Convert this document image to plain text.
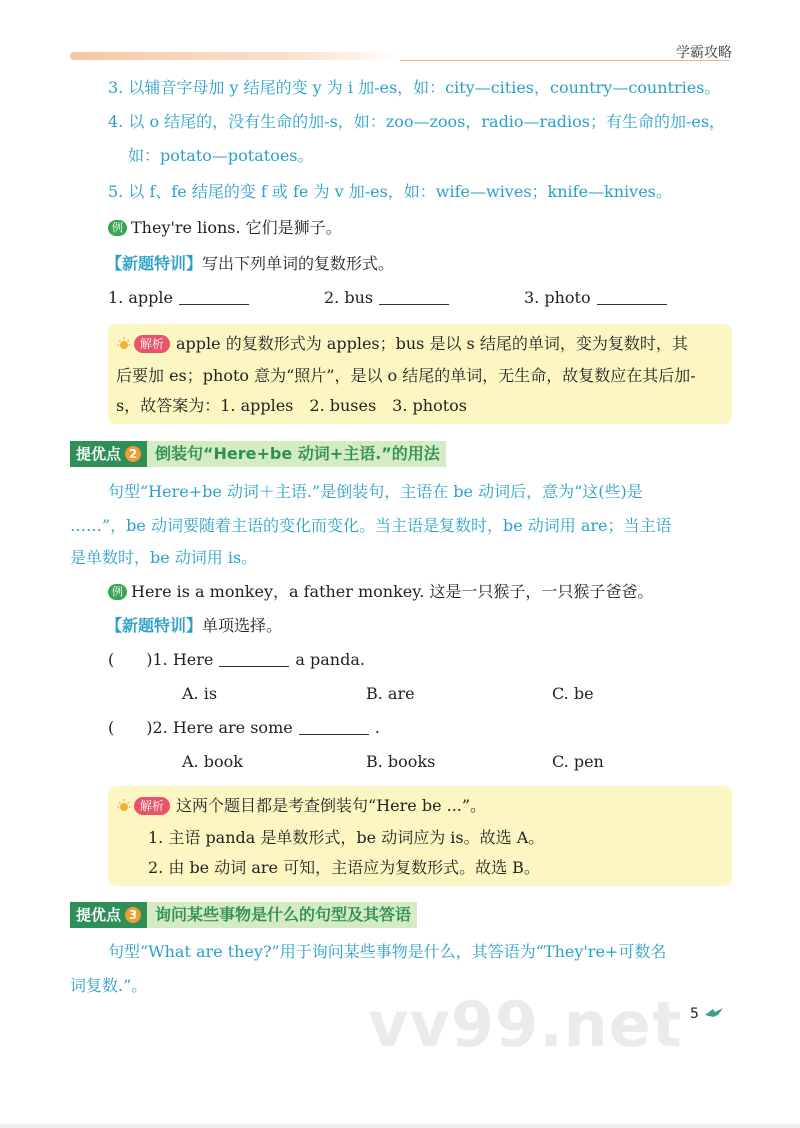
学霸攻略
3. 以辅音字母加 y 结尾的变 y 为 i 加-es，如：city—cities，country—countries。
4. 以 o 结尾的，没有生命的加-s，如：zoo—zoos，radio—radios；有生命的加-es，
如：potato—potatoes。
5. 以 f、fe 结尾的变 f 或 fe 为 v 加-es，如：wife—wives；knife—knives。
例 They're lions. 它们是狮子。
【新题特训】写出下列单词的复数形式。
1. apple	2. bus	3. photo
解析 apple 的复数形式为 apples；bus 是以 s 结尾的单词，变为复数时，其
后要加 es；photo 意为“照片”，是以 o 结尾的单词，无生命，故复数应在其后加-
s，故答案为：1. apples　2. buses　3. photos
提优点 2	倒装句“Here+be 动词+主语.”的用法
句型“Here+be 动词＋主语.”是倒装句，主语在 be 动词后，意为“这(些)是
……”，be 动词要随着主语的变化而变化。当主语是复数时，be 动词用 are；当主语
是单数时，be 动词用 is。
例 Here is a monkey，a father monkey. 这是一只猴子，一只猴子爸爸。
【新题特训】单项选择。
(　　)1. Here	a panda.
A. is	B. are	C. be
(　　)2. Here are some	.
A. book	B. books	C. pen
解析 这两个题目都是考查倒装句“Here be ...”。
1. 主语 panda 是单数形式，be 动词应为 is。故选 A。
2. 由 be 动词 are 可知，主语应为复数形式。故选 B。
提优点 3	询问某些事物是什么的句型及其答语
句型“What are they?”用于询问某些事物是什么，其答语为“They're+可数名
词复数.”。
vv99.net 5
